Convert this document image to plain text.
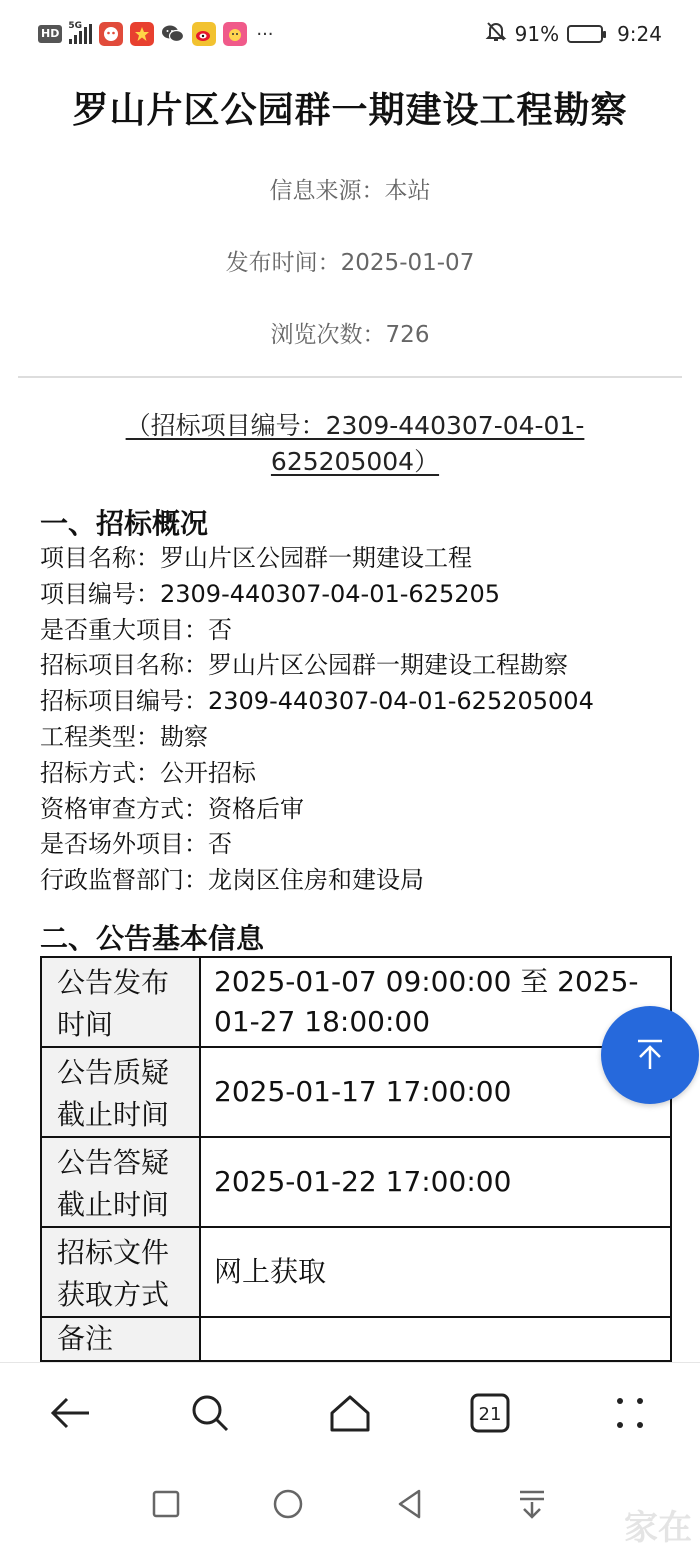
HD
5G	···	91%	9:24
罗山片区公园群一期建设工程勘察
信息来源：本站
发布时间：2025-01-07
浏览次数：726
（招标项目编号：2309-440307-04-01-
625205004）
一、招标概况
项目名称：罗山片区公园群一期建设工程
项目编号：2309-440307-04-01-625205
是否重大项目：否
招标项目名称：罗山片区公园群一期建设工程勘察
招标项目编号：2309-440307-04-01-625205004
工程类型：勘察
招标方式：公开招标
资格审查方式：资格后审
是否场外项目：否
行政监督部门：龙岗区住房和建设局
二、公告基本信息
公告发布
时间	2025-01-07 09:00:00 至 2025-
01-27 18:00:00
公告质疑
截止时间	2025-01-17 17:00:00
公告答疑
截止时间	2025-01-22 17:00:00
招标文件
获取方式	网上获取
备注	
21
家在
